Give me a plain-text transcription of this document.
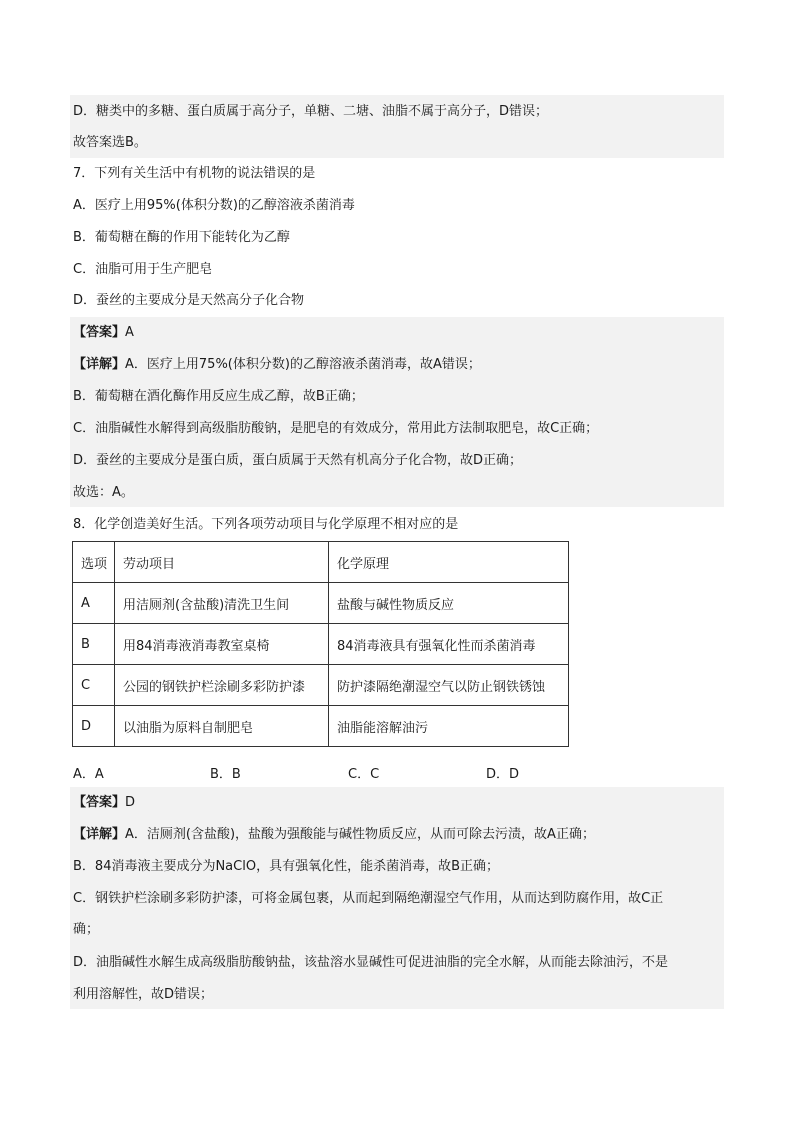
D．糖类中的多糖、蛋白质属于高分子，单糖、二塘、油脂不属于高分子，D错误；
故答案选B。
7．下列有关生活中有机物的说法错误的是
A．医疗上用95%(体积分数)的乙醇溶液杀菌消毒
B．葡萄糖在酶的作用下能转化为乙醇
C．油脂可用于生产肥皂
D．蚕丝的主要成分是天然高分子化合物
【答案】A
【详解】A．医疗上用75%(体积分数)的乙醇溶液杀菌消毒，故A错误；
B．葡萄糖在酒化酶作用反应生成乙醇，故B正确；
C．油脂碱性水解得到高级脂肪酸钠，是肥皂的有效成分，常用此方法制取肥皂，故C正确；
D．蚕丝的主要成分是蛋白质，蛋白质属于天然有机高分子化合物，故D正确；
故选：A。
8．化学创造美好生活。下列各项劳动项目与化学原理不相对应的是
选项	劳动项目	化学原理
A	用洁厕剂(含盐酸)清洗卫生间	盐酸与碱性物质反应
B	用84消毒液消毒教室桌椅	84消毒液具有强氧化性而杀菌消毒
C	公园的钢铁护栏涂刷多彩防护漆	防护漆隔绝潮湿空气以防止钢铁锈蚀
D	以油脂为原料自制肥皂	油脂能溶解油污
A．A	B．B	C．C	D．D
【答案】D
【详解】A．洁厕剂(含盐酸)，盐酸为强酸能与碱性物质反应，从而可除去污渍，故A正确；
B．84消毒液主要成分为NaClO，具有强氧化性，能杀菌消毒，故B正确；
C．钢铁护栏涂刷多彩防护漆，可将金属包裹，从而起到隔绝潮湿空气作用，从而达到防腐作用，故C正
确；
D．油脂碱性水解生成高级脂肪酸钠盐，该盐溶水显碱性可促进油脂的完全水解，从而能去除油污，不是
利用溶解性，故D错误；
